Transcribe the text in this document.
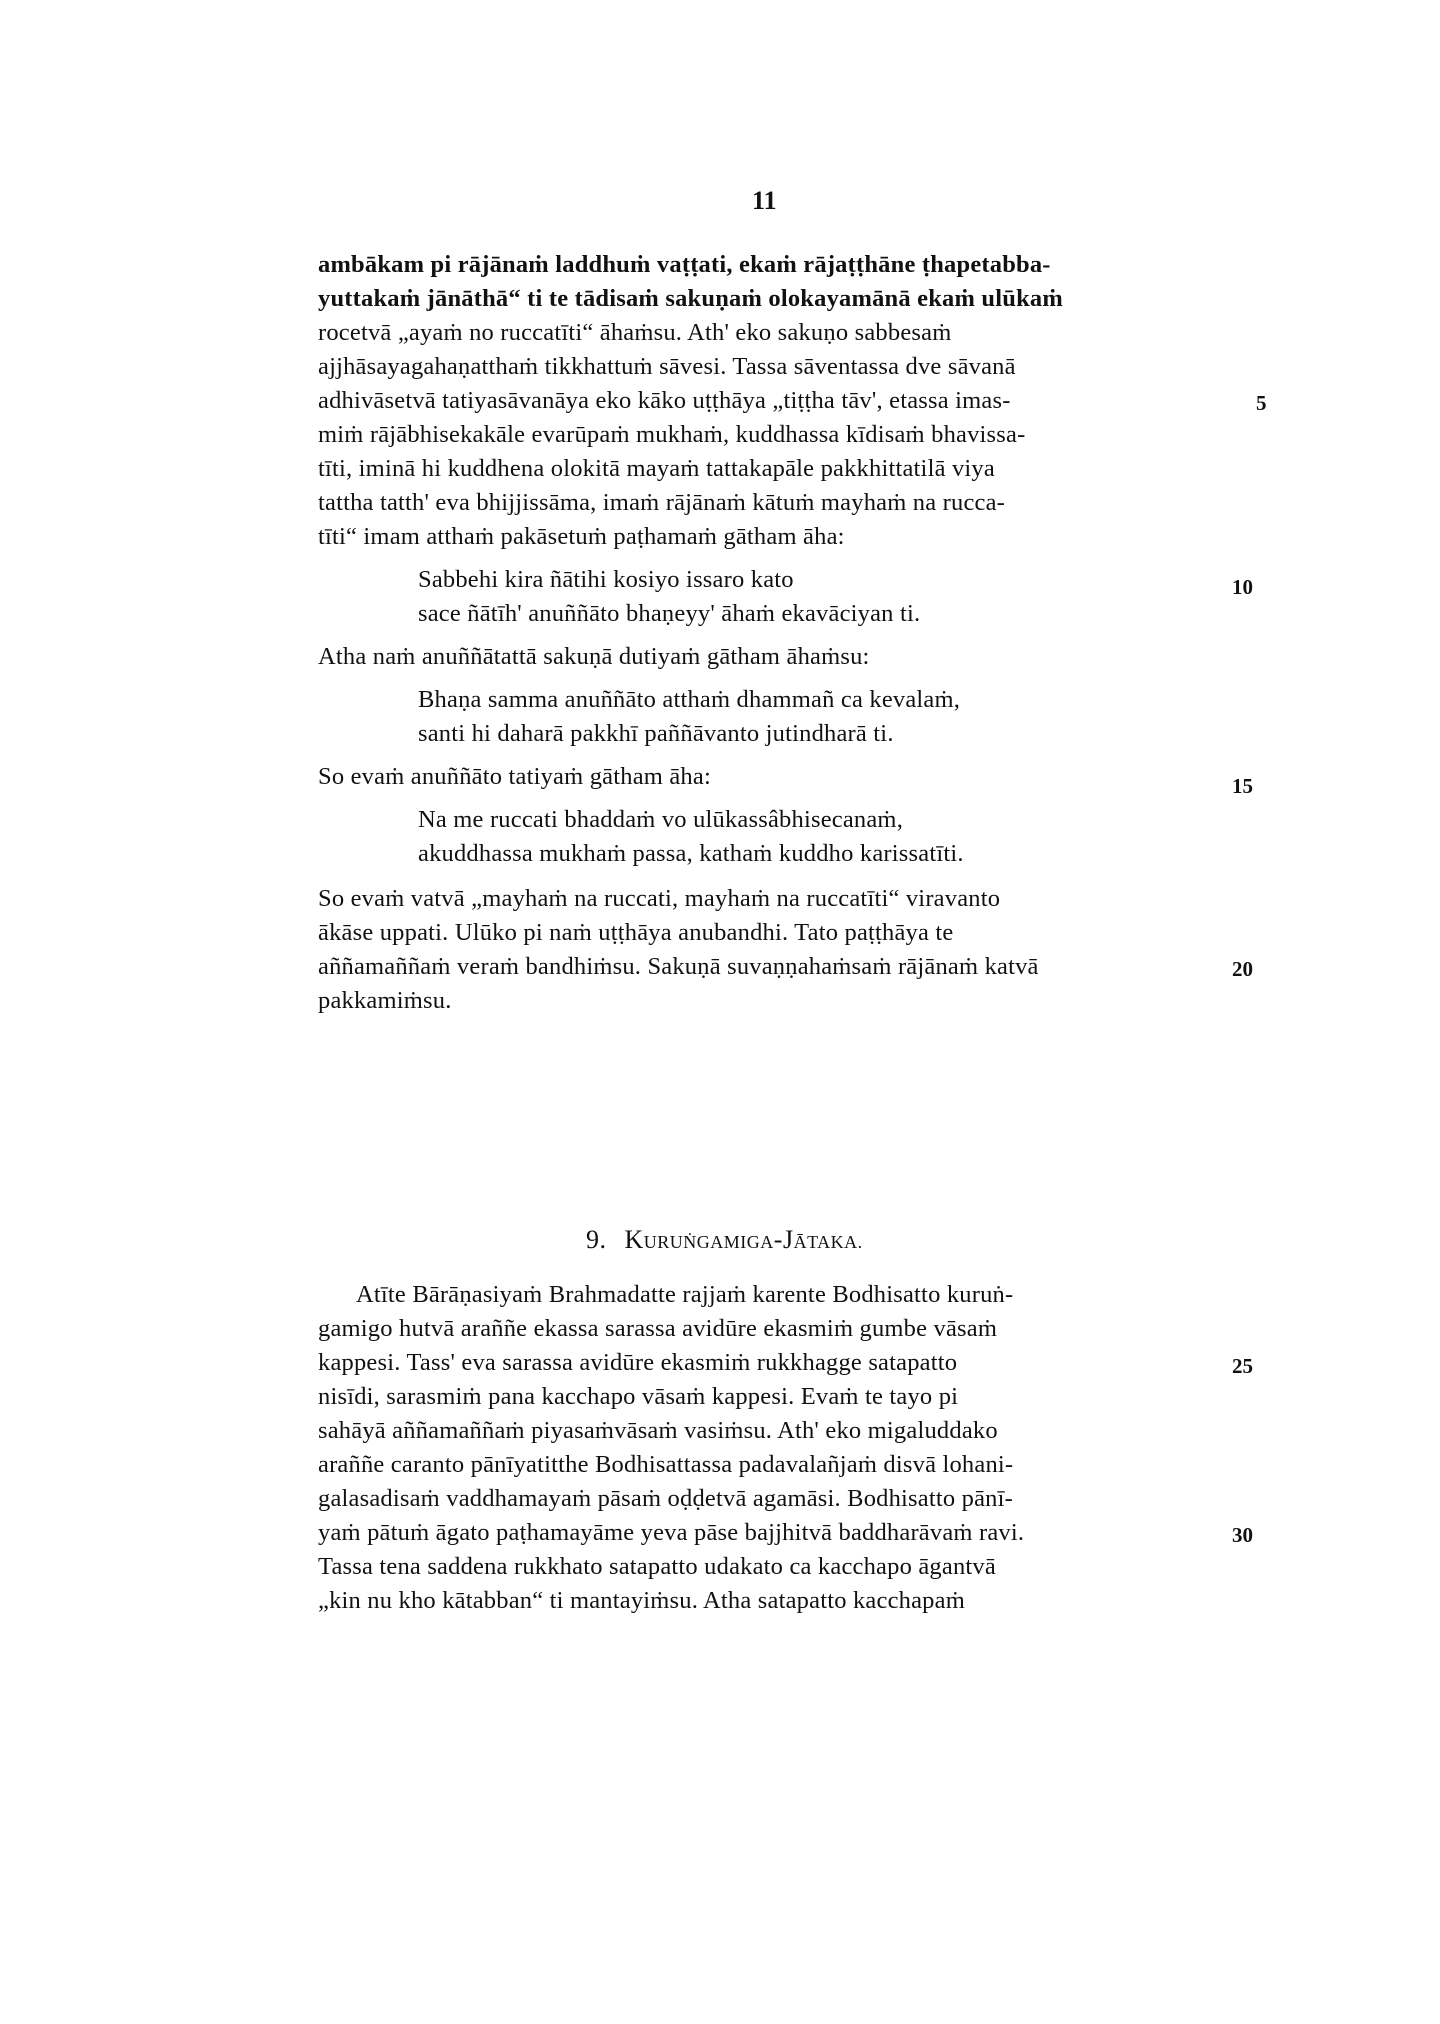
11
ambākam pi rājānaṁ laddhuṁ vaṭṭati, ekaṁ rājaṭṭhāne ṭhapetabba-
yuttakaṁ jānāthā“ ti te tādisaṁ sakuṇaṁ olokayamānā ekaṁ ulūkaṁ
rocetvā „ayaṁ no ruccatīti“ āhaṁsu. Ath' eko sakuṇo sabbesaṁ
ajjhāsayagahaṇatthaṁ tikkhattuṁ sāvesi. Tassa sāventassa dve sāvanā
adhivāsetvā tatiyasāvanāya eko kāko uṭṭhāya „tiṭṭha tāv', etassa imas-
miṁ rājābhisekakāle evarūpaṁ mukhaṁ, kuddhassa kīdisaṁ bhavissa-
tīti, iminā hi kuddhena olokitā mayaṁ tattakapāle pakkhittatilā viya
tattha tatth' eva bhijjissāma, imaṁ rājānaṁ kātuṁ mayhaṁ na rucca-
tīti“ imam atthaṁ pakāsetuṁ paṭhamaṁ gātham āha:
Sabbehi kira ñātihi kosiyo issaro kato
sace ñātīh' anuññāto bhaṇeyy' āhaṁ ekavāciyan ti.
Atha naṁ anuññātattā sakuṇā dutiyaṁ gātham āhaṁsu:
Bhaṇa samma anuññāto atthaṁ dhammañ ca kevalaṁ,
santi hi daharā pakkhī paññāvanto jutindharā ti.
So evaṁ anuññāto tatiyaṁ gātham āha:
Na me ruccati bhaddaṁ vo ulūkassâbhisecanaṁ,
akuddhassa mukhaṁ passa, kathaṁ kuddho karissatīti.
So evaṁ vatvā „mayhaṁ na ruccati, mayhaṁ na ruccatīti“ viravanto
ākāse uppati. Ulūko pi naṁ uṭṭhāya anubandhi. Tato paṭṭhāya te
aññamaññaṁ veraṁ bandhiṁsu. Sakuṇā suvaṇṇahaṁsaṁ rājānaṁ katvā
pakkamiṁsu.
9. KURUṄGAMIGA-JĀTAKA.
Atīte Bārāṇasiyaṁ Brahmadatte rajjaṁ karente Bodhisatto kuruṅ-
gamigo hutvā araññe ekassa sarassa avidūre ekasmiṁ gumbe vāsaṁ
kappesi. Tass' eva sarassa avidūre ekasmiṁ rukkhagge satapatto
nisīdi, sarasmiṁ pana kacchapo vāsaṁ kappesi. Evaṁ te tayo pi
sahāyā aññamaññaṁ piyasaṁvāsaṁ vasiṁsu. Ath' eko migaluddako
araññe caranto pānīyatitthe Bodhisattassa padavalañjaṁ disvā lohani-
galasadisaṁ vaddhamayaṁ pāsaṁ oḍḍetvā agamāsi. Bodhisatto pānī-
yaṁ pātuṁ āgato paṭhamayāme yeva pāse bajjhitvā baddharāvaṁ ravi.
Tassa tena saddena rukkhato satapatto udakato ca kacchapo āgantvā
„kin nu kho kātabban“ ti mantayiṁsu. Atha satapatto kacchapaṁ
5
10
15
20
25
30
